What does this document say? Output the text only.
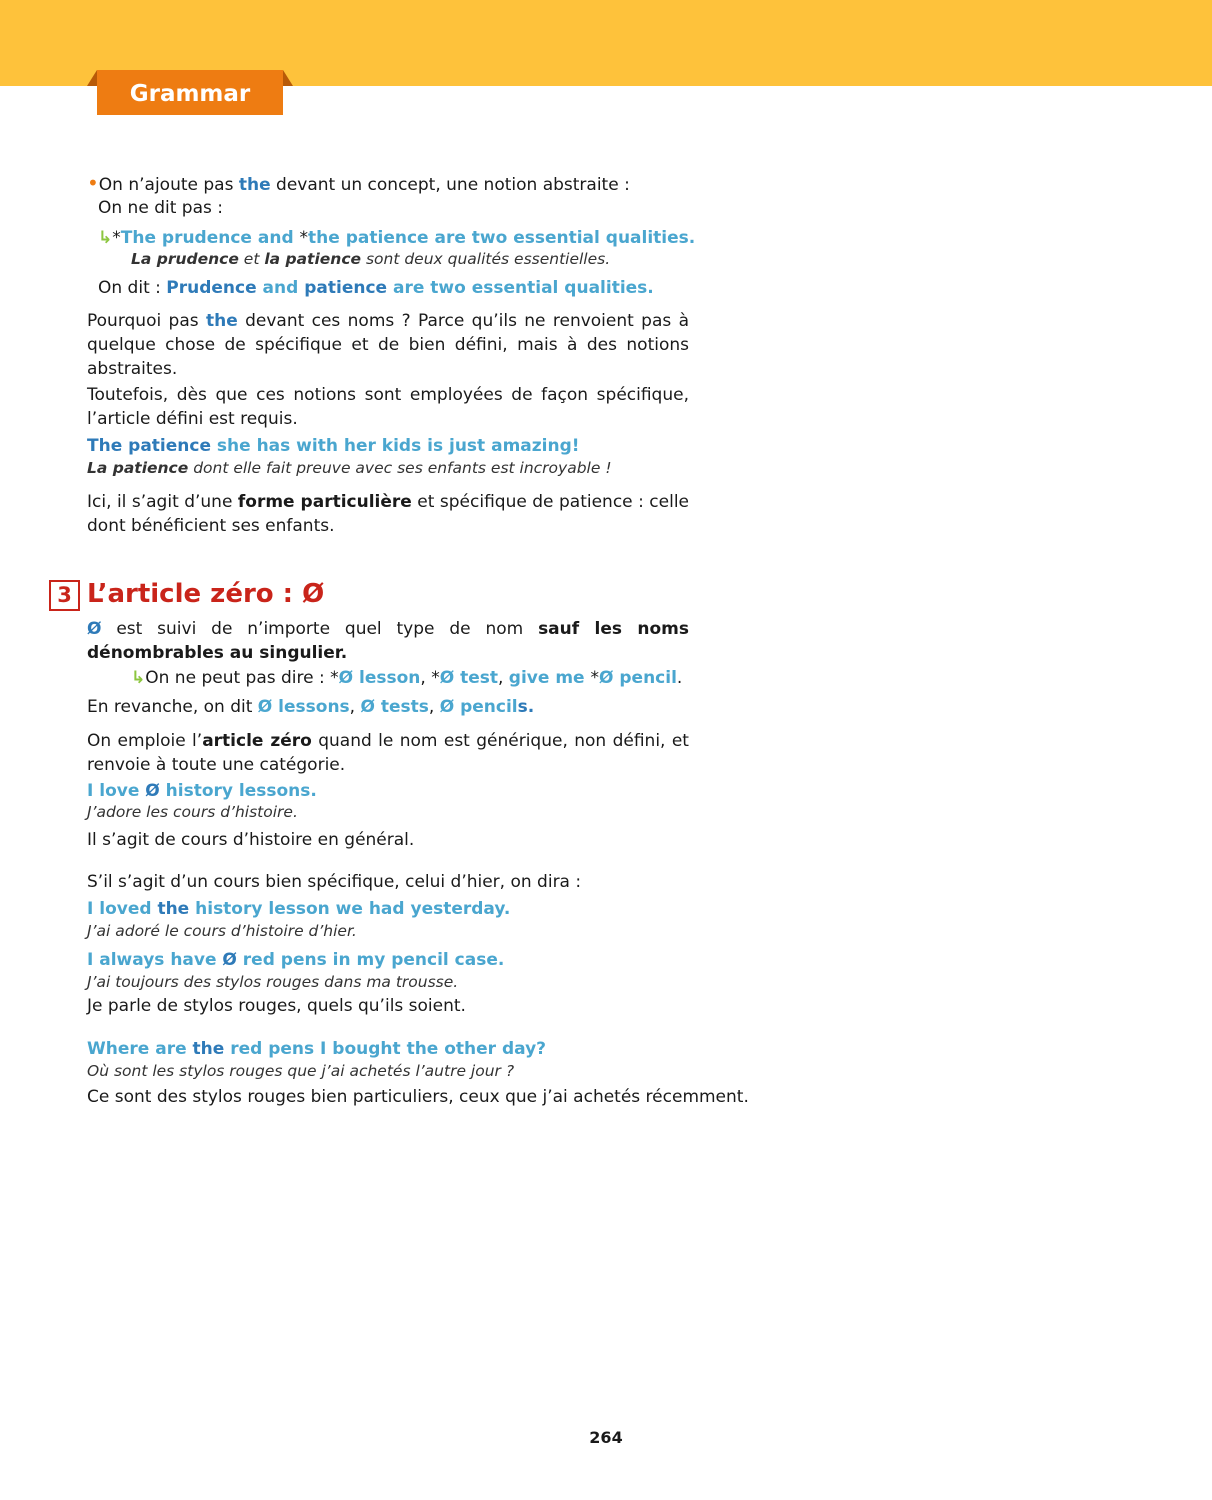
Grammar
•On n’ajoute pas the devant un concept, une notion abstraite :
On ne dit pas :
↳*The prudence and *the patience are two essential qualities.
La prudence et la patience sont deux qualités essentielles.
On dit : Prudence and patience are two essential qualities.
Pourquoi pas the devant ces noms ? Parce qu’ils ne renvoient pas à quelque chose de spécifique et de bien défini, mais à des notions abstraites.
Toutefois, dès que ces notions sont employées de façon spécifique, l’article défini est requis.
The patience she has with her kids is just amazing!
La patience dont elle fait preuve avec ses enfants est incroyable !
Ici, il s’agit d’une forme particulière et spécifique de patience : celle dont bénéficient ses enfants.
3 L’article zéro : Ø
Ø est suivi de n’importe quel type de nom sauf les noms dénombrables au singulier.
↳On ne peut pas dire : *Ø lesson, *Ø test, give me *Ø pencil.
En revanche, on dit Ø lessons, Ø tests, Ø pencils.
On emploie l’article zéro quand le nom est générique, non défini, et renvoie à toute une catégorie.
I love Ø history lessons.
J’adore les cours d’histoire.
Il s’agit de cours d’histoire en général.
S’il s’agit d’un cours bien spécifique, celui d’hier, on dira :
I loved the history lesson we had yesterday.
J’ai adoré le cours d’histoire d’hier.
I always have Ø red pens in my pencil case.
J’ai toujours des stylos rouges dans ma trousse.
Je parle de stylos rouges, quels qu’ils soient.
Where are the red pens I bought the other day?
Où sont les stylos rouges que j’ai achetés l’autre jour ?
Ce sont des stylos rouges bien particuliers, ceux que j’ai achetés récemment.
264
